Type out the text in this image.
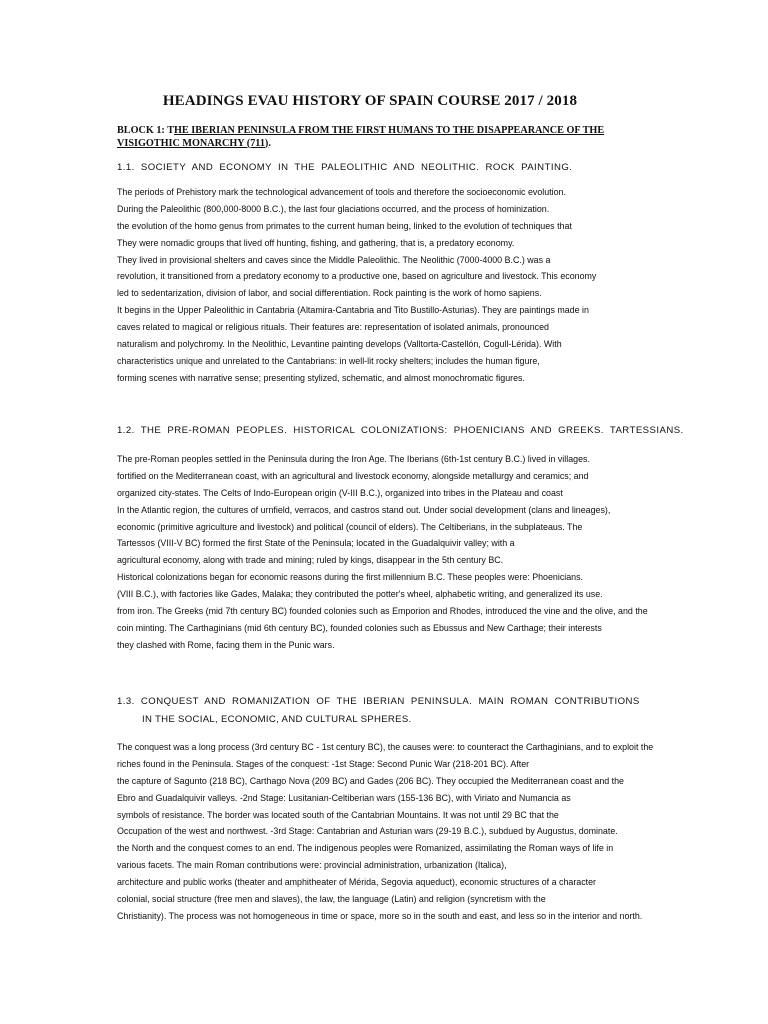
HEADINGS EVAU HISTORY OF SPAIN COURSE 2017 / 2018
BLOCK 1: THE IBERIAN PENINSULA FROM THE FIRST HUMANS TO THE DISAPPEARANCE OF THE
VISIGOTHIC MONARCHY (711).
1.1. SOCIETY AND ECONOMY IN THE PALEOLITHIC AND NEOLITHIC. ROCK PAINTING.
The periods of Prehistory mark the technological advancement of tools and therefore the socioeconomic evolution.
During the Paleolithic (800,000-8000 B.C.), the last four glaciations occurred, and the process of hominization.
the evolution of the homo genus from primates to the current human being, linked to the evolution of techniques that
They were nomadic groups that lived off hunting, fishing, and gathering, that is, a predatory economy.
They lived in provisional shelters and caves since the Middle Paleolithic. The Neolithic (7000-4000 B.C.) was a
revolution, it transitioned from a predatory economy to a productive one, based on agriculture and livestock. This economy
led to sedentarization, division of labor, and social differentiation. Rock painting is the work of homo sapiens.
It begins in the Upper Paleolithic in Cantabria (Altamira-Cantabria and Tito Bustillo-Asturias). They are paintings made in
caves related to magical or religious rituals. Their features are: representation of isolated animals, pronounced
naturalism and polychromy. In the Neolithic, Levantine painting develops (Valltorta-Castellón, Cogull-Lérida). With
characteristics unique and unrelated to the Cantabrians: in well-lit rocky shelters; includes the human figure,
forming scenes with narrative sense; presenting stylized, schematic, and almost monochromatic figures.
1.2. THE PRE-ROMAN PEOPLES. HISTORICAL COLONIZATIONS: PHOENICIANS AND GREEKS. TARTESSIANS.
The pre-Roman peoples settled in the Peninsula during the Iron Age. The Iberians (6th-1st century B.C.) lived in villages.
fortified on the Mediterranean coast, with an agricultural and livestock economy, alongside metallurgy and ceramics; and
organized city-states. The Celts of Indo-European origin (V-III B.C.), organized into tribes in the Plateau and coast
In the Atlantic region, the cultures of urnfield, verracos, and castros stand out. Under social development (clans and lineages),
economic (primitive agriculture and livestock) and political (council of elders). The Celtiberians, in the subplateaus. The
Tartessos (VIII-V BC) formed the first State of the Peninsula; located in the Guadalquivir valley; with a
agricultural economy, along with trade and mining; ruled by kings, disappear in the 5th century BC.
Historical colonizations began for economic reasons during the first millennium B.C. These peoples were: Phoenicians.
(VIII B.C.), with factories like Gades, Malaka; they contributed the potter's wheel, alphabetic writing, and generalized its use.
from iron. The Greeks (mid 7th century BC) founded colonies such as Emporion and Rhodes, introduced the vine and the olive, and the
coin minting. The Carthaginians (mid 6th century BC), founded colonies such as Ebussus and New Carthage; their interests
they clashed with Rome, facing them in the Punic wars.
1.3. CONQUEST AND ROMANIZATION OF THE IBERIAN PENINSULA. MAIN ROMAN CONTRIBUTIONS
IN THE SOCIAL, ECONOMIC, AND CULTURAL SPHERES.
The conquest was a long process (3rd century BC - 1st century BC), the causes were: to counteract the Carthaginians, and to exploit the
riches found in the Peninsula. Stages of the conquest: -1st Stage: Second Punic War (218-201 BC). After
the capture of Sagunto (218 BC), Carthago Nova (209 BC) and Gades (206 BC). They occupied the Mediterranean coast and the
Ebro and Guadalquivir valleys. -2nd Stage: Lusitanian-Celtiberian wars (155-136 BC), with Viriato and Numancia as
symbols of resistance. The border was located south of the Cantabrian Mountains. It was not until 29 BC that the
Occupation of the west and northwest. -3rd Stage: Cantabrian and Asturian wars (29-19 B.C.), subdued by Augustus, dominate.
the North and the conquest comes to an end. The indigenous peoples were Romanized, assimilating the Roman ways of life in
various facets. The main Roman contributions were: provincial administration, urbanization (Italica),
architecture and public works (theater and amphitheater of Mérida, Segovia aqueduct), economic structures of a character
colonial, social structure (free men and slaves), the law, the language (Latin) and religion (syncretism with the
Christianity). The process was not homogeneous in time or space, more so in the south and east, and less so in the interior and north.
